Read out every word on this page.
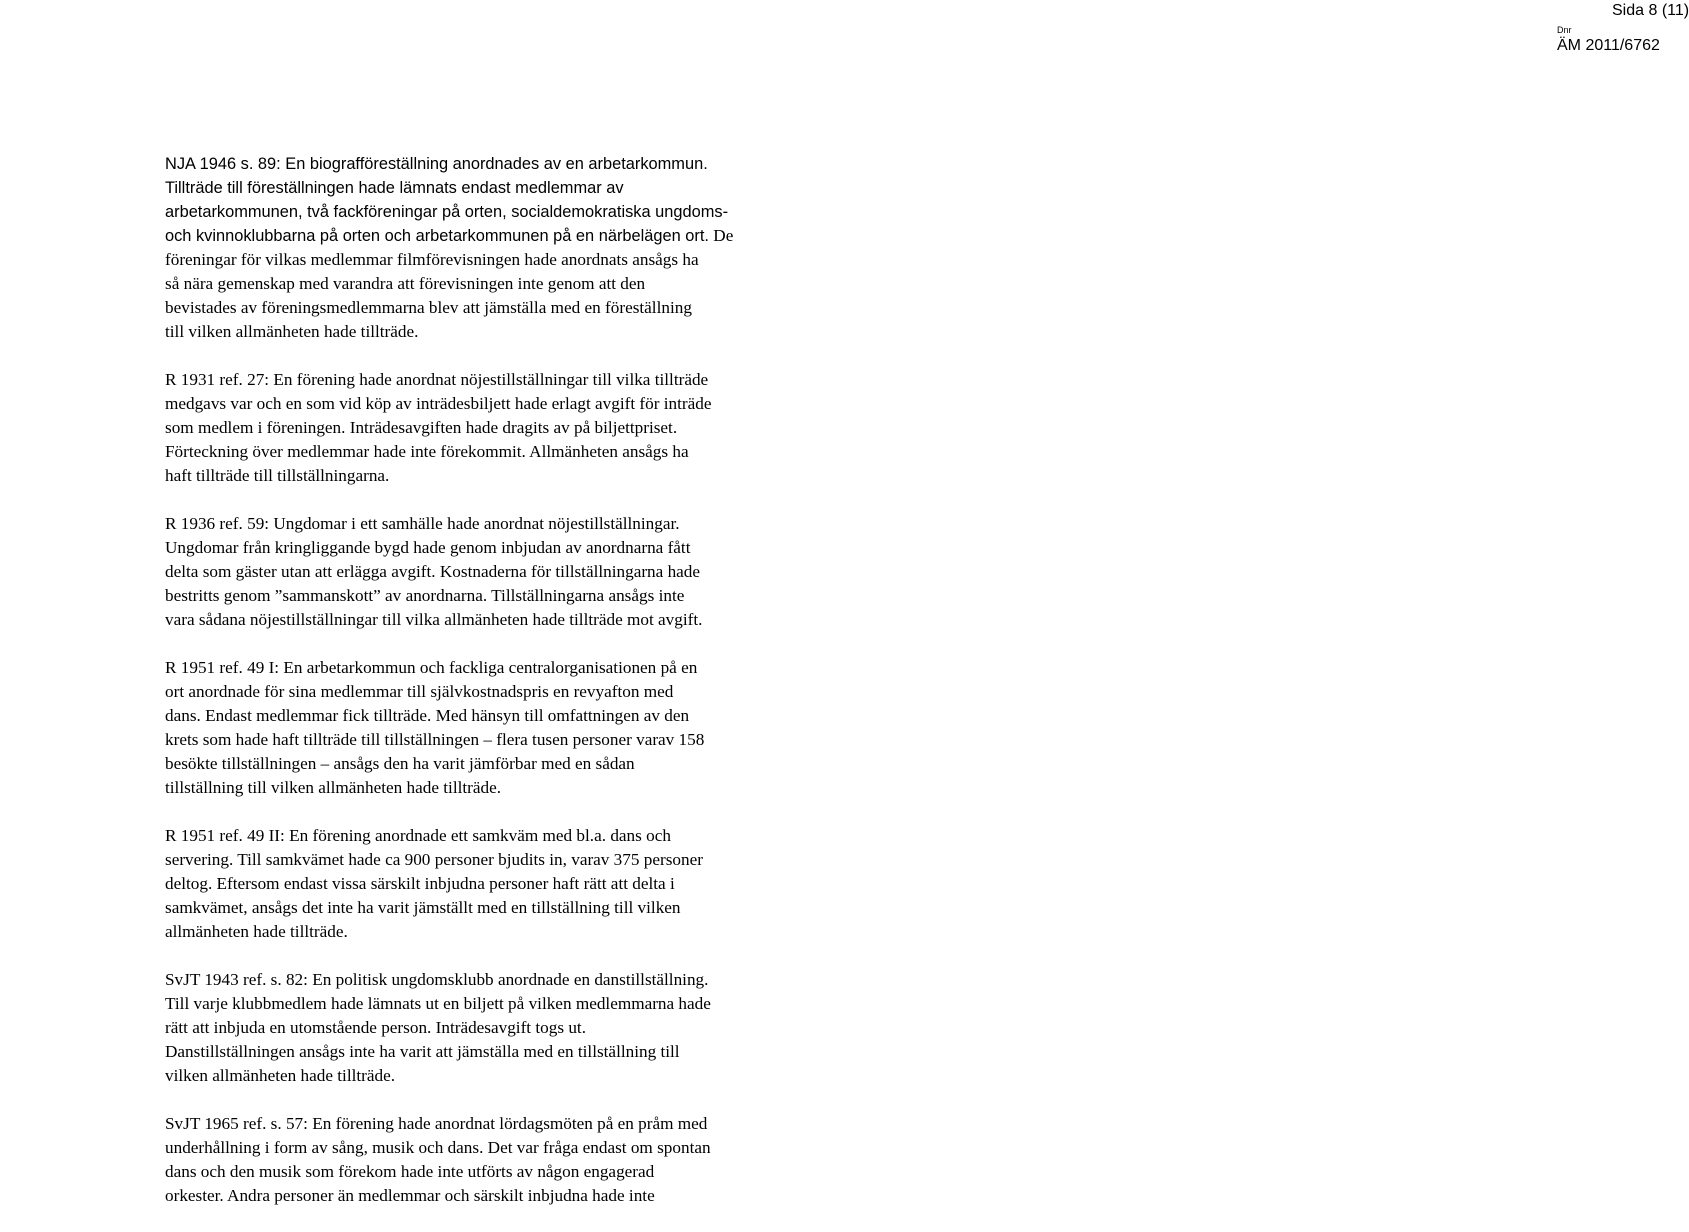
Sida 8 (11)
Dnr
ÄM 2011/6762
NJA 1946 s. 89: En biografföreställning anordnades av en arbetarkommun.
Tillträde till föreställningen hade lämnats endast medlemmar av
arbetarkommunen, två fackföreningar på orten, socialdemokratiska ungdoms-
och kvinnoklubbarna på orten och arbetarkommunen på en närbelägen ort. De
föreningar för vilkas medlemmar filmförevisningen hade anordnats ansågs ha
så nära gemenskap med varandra att förevisningen inte genom att den
bevistades av föreningsmedlemmarna blev att jämställa med en föreställning
till vilken allmänheten hade tillträde.
R 1931 ref. 27: En förening hade anordnat nöjestillställningar till vilka tillträde
medgavs var och en som vid köp av inträdesbiljett hade erlagt avgift för inträde
som medlem i föreningen. Inträdesavgiften hade dragits av på biljettpriset.
Förteckning över medlemmar hade inte förekommit. Allmänheten ansågs ha
haft tillträde till tillställningarna.
R 1936 ref. 59: Ungdomar i ett samhälle hade anordnat nöjestillställningar.
Ungdomar från kringliggande bygd hade genom inbjudan av anordnarna fått
delta som gäster utan att erlägga avgift. Kostnaderna för tillställningarna hade
bestritts genom ”sammanskott” av anordnarna. Tillställningarna ansågs inte
vara sådana nöjestillställningar till vilka allmänheten hade tillträde mot avgift.
R 1951 ref. 49 I: En arbetarkommun och fackliga centralorganisationen på en
ort anordnade för sina medlemmar till självkostnadspris en revyafton med
dans. Endast medlemmar fick tillträde. Med hänsyn till omfattningen av den
krets som hade haft tillträde till tillställningen – flera tusen personer varav 158
besökte tillställningen – ansågs den ha varit jämförbar med en sådan
tillställning till vilken allmänheten hade tillträde.
R 1951 ref. 49 II: En förening anordnade ett samkväm med bl.a. dans och
servering. Till samkvämet hade ca 900 personer bjudits in, varav 375 personer
deltog. Eftersom endast vissa särskilt inbjudna personer haft rätt att delta i
samkvämet, ansågs det inte ha varit jämställt med en tillställning till vilken
allmänheten hade tillträde.
SvJT 1943 ref. s. 82: En politisk ungdomsklubb anordnade en danstillställning.
Till varje klubbmedlem hade lämnats ut en biljett på vilken medlemmarna hade
rätt att inbjuda en utomstående person. Inträdesavgift togs ut.
Danstillställningen ansågs inte ha varit att jämställa med en tillställning till
vilken allmänheten hade tillträde.
SvJT 1965 ref. s. 57: En förening hade anordnat lördagsmöten på en pråm med
underhållning i form av sång, musik och dans. Det var fråga endast om spontan
dans och den musik som förekom hade inte utförts av någon engagerad
orkester. Andra personer än medlemmar och särskilt inbjudna hade inte
